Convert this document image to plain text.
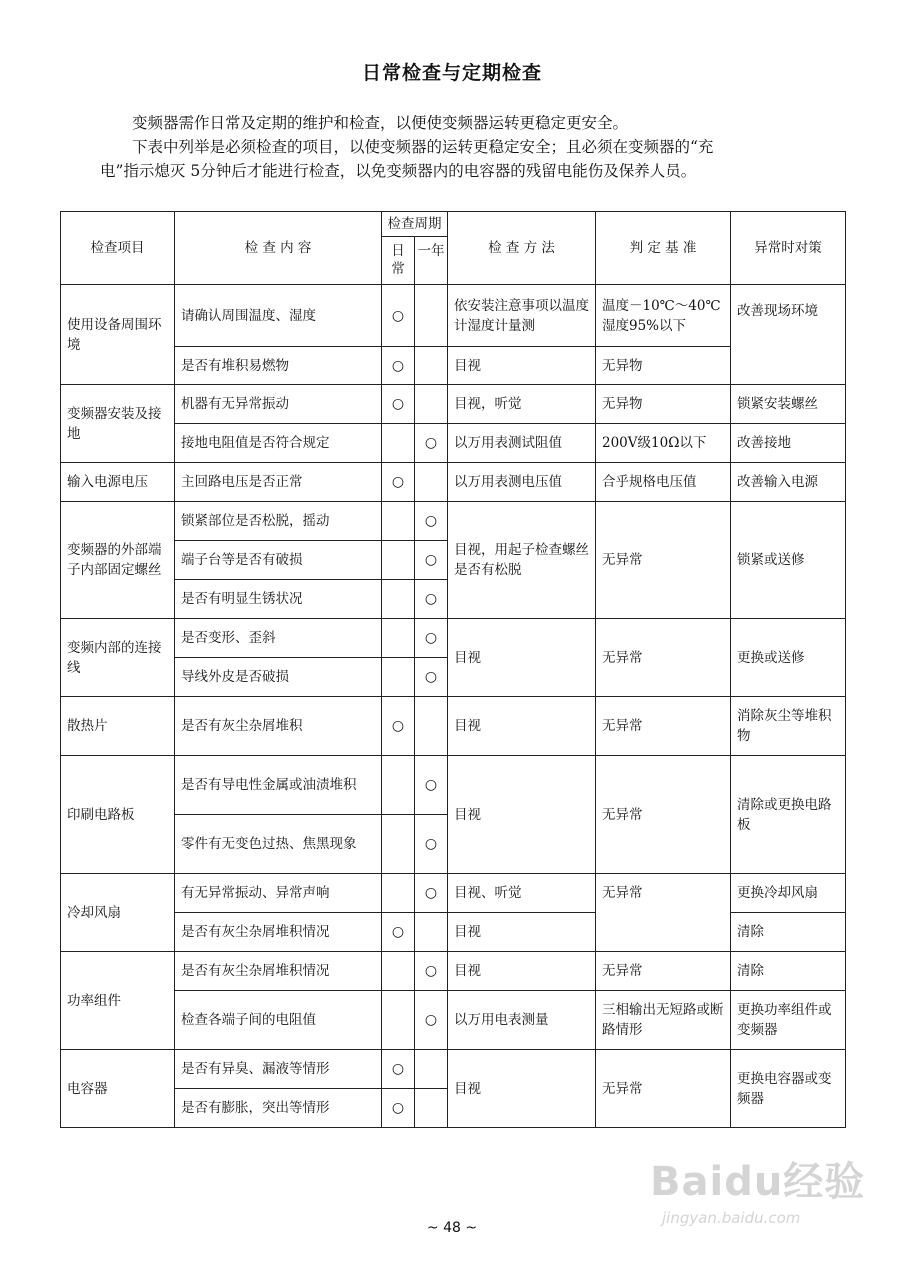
日常检查与定期检查
变频器需作日常及定期的维护和检查，以便使变频器运转更稳定更安全。
下表中列举是必须检查的项目，以使变频器的运转更稳定安全；且必须在变频器的“充
电”指示熄灭 5分钟后才能进行检查，以免变频器内的电容器的残留电能伤及保养人员。
检查项目	检 查 内 容	检查周期		检 查 方 法	判 定 基 准	异常时对策
		日常	一年			
使用设备周围环境	请确认周围温度、湿度	○		依安装注意事项以温度计湿度计量测	温度－10℃～40℃ 湿度95%以下	改善现场环境
	是否有堆积易燃物	○		目视	无异物	
变频器安装及接地	机器有无异常振动	○		目视，听觉	无异物	锁紧安装螺丝
	接地电阻值是否符合规定		○	以万用表测试阻值	200V级10Ω以下	改善接地
输入电源电压	主回路电压是否正常	○		以万用表测电压值	合乎规格电压值	改善输入电源
变频器的外部端子内部固定螺丝	锁紧部位是否松脱，摇动		○	目视，用起子检查螺丝是否有松脱	无异常	锁紧或送修
	端子台等是否有破损		○			
	是否有明显生锈状况		○			
变频内部的连接线	是否变形、歪斜		○	目视	无异常	更换或送修
	导线外皮是否破损		○			
散热片	是否有灰尘杂屑堆积	○		目视	无异常	消除灰尘等堆积物
印刷电路板	是否有导电性金属或油渍堆积		○	目视	无异常	清除或更换电路板
	零件有无变色过热、焦黑现象		○			
冷却风扇	有无异常振动、异常声响		○	目视、听觉	无异常	更换冷却风扇
	是否有灰尘杂屑堆积情况	○		目视		清除
功率组件	是否有灰尘杂屑堆积情况		○	目视	无异常	清除
	检查各端子间的电阻值		○	以万用电表测量	三相输出无短路或断路情形	更换功率组件或变频器
电容器	是否有异臭、漏液等情形	○		目视	无异常	更换电容器或变频器
	是否有膨胀，突出等情形	○				
Baidu经验
jingyan.baidu.com
~ 48 ~
